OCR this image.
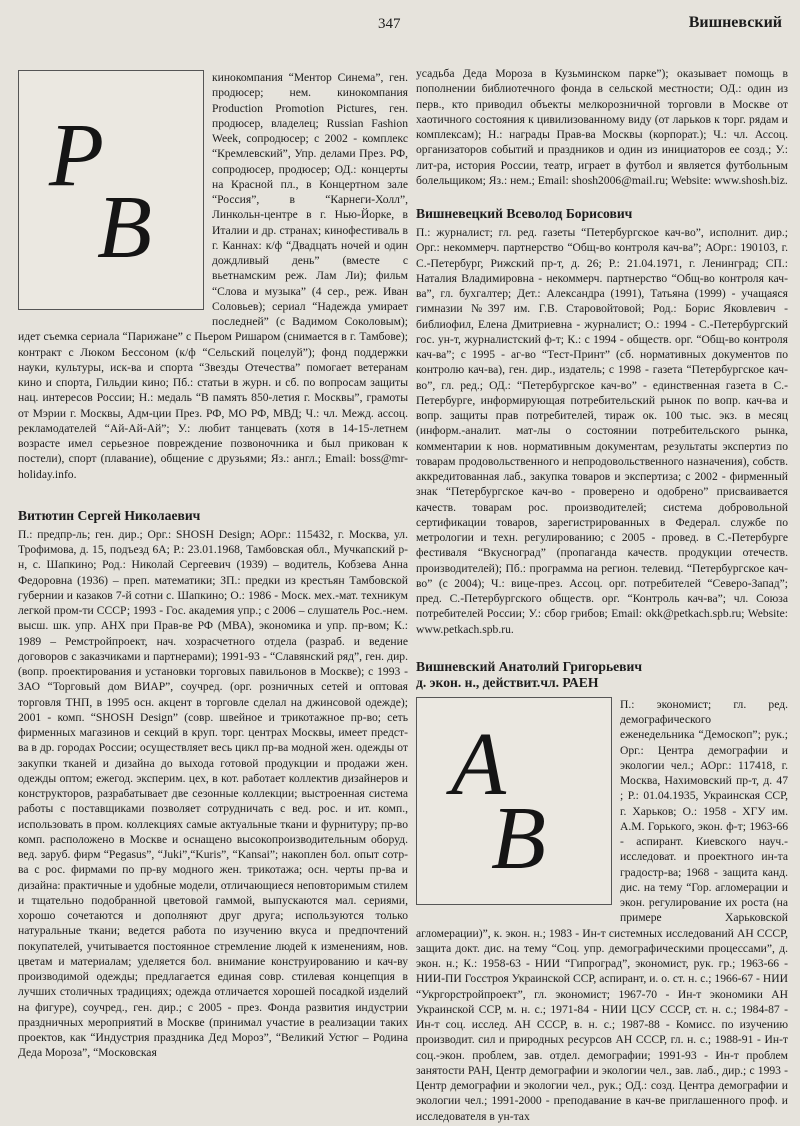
347	Вишневский
P
B

кинокомпания “Ментор Синема”, ген. продюсер; нем. кинокомпания Production Promotion Pictures, ген. продюсер, владелец; Russian Fashion Week, сопродюсер; с 2002 - комплекс “Кремлевский”, Упр. делами През. РФ, сопродюсер, продюсер; ОД.: концерты на Красной пл., в Концертном зале “Россия”, в “Карнеги-Холл”, Линкольн-центре в г. Нью-Йорке, в Италии и др. странах; кинофестиваль в г. Каннах: к/ф “Двадцать ночей и один дождливый день” (вместе с вьетнамским реж. Лам Ли); фильм “Слова и музыка” (4 сер., реж. Иван Соловьев); сериал “Надежда умирает последней” (с Вадимом Соколовым); идет съемка сериала “Парижане” с Пьером Ришаром (снимается в г. Тамбове); контракт с Люком Бессоном (к/ф “Сельский поцелуй”); фонд поддержки науки, культуры, иск-ва и спорта “Звезды Отечества” помогает ветеранам кино и спорта, Гильдии кино; Пб.: статьи в журн. и сб. по вопросам защиты нац. интересов России; Н.: медаль “В память 850-летия г. Москвы”, грамоты от Мэрии г. Москвы, Адм-ции През. РФ, МО РФ, МВД; Ч.: чл. Межд. ассоц. рекламодателей “Ай-Ай-Ай”; У.: любит танцевать (хотя в 14-15-летнем возрасте имел серьезное повреждение позвоночника и был прикован к постели), спорт (плавание), общение с друзьями; Яз.: англ.; Email: boss@mr-holiday.info.

Витютин Сергей Николаевич

П.: предпр-ль; ген. дир.; Орг.: SHOSH Design; АОрг.: 115432, г. Москва, ул. Трофимова, д. 15, подъезд 6А; Р.: 23.01.1968, Тамбовская обл., Мучкапский р-н, с. Шапкино; Род.: Николай Сергеевич (1939) – водитель, Кобзева Анна Федоровна (1936) – преп. математики; ЗП.: предки из крестьян Тамбовской губернии и казаков 7-й сотни с. Шапкино; О.: 1986 - Моск. мех.-мат. техникум легкой пром-ти СССР; 1993 - Гос. академия упр.; с 2006 – слушатель Рос.-нем. высш. шк. упр. АНХ при Прав-ве РФ (МВА), экономика и упр. пр-вом; К.: 1989 – Ремстройпроект, нач. хозрасчетного отдела (разраб. и ведение договоров с заказчиками и партнерами); 1991-93 - “Славянский ряд”, ген. дир. (вопр. проектирования и установки торговых павильонов в Москве); с 1993 - ЗАО “Торговый дом ВИАР”, соучред. (орг. розничных сетей и оптовая торговля ТНП, в 1995 осн. акцент в торговле сделал на джинсовой одежде); 2001 - комп. “SHOSH Design” (совр. швейное и трикотажное пр-во; сеть фирменных магазинов и секций в круп. торг. центрах Москвы, имеет предст-ва в др. городах России; осуществляет весь цикл пр-ва модной жен. одежды от закупки тканей и дизайна до выхода готовой продукции и продажи жен. одежды оптом; ежегод. эксперим. цех, в кот. работает коллектив дизайнеров и конструкторов, разрабатывает две сезонные коллекции; выстроенная система работы с поставщиками позволяет сотрудничать с вед. рос. и ит. комп., использовать в пром. коллекциях самые актуальные ткани и фурнитуру; пр-во комп. расположено в Москве и оснащено высокопроизводительным оборуд. вед. заруб. фирм “Pegasus”, “Juki”,“Kuris”, “Kansai”; накоплен бол. опыт сотр-ва с рос. фирмами по пр-ву модного жен. трикотажа; осн. черты пр-ва и дизайна: практичные и удобные модели, отличающиеся неповторимым стилем и тщательно подобранной цветовой гаммой, выпускаются мал. сериями, хорошо сочетаются и дополняют друг друга; используются только натуральные ткани; ведется работа по изучению вкуса и предпочтений покупателей, учитывается постоянное стремление людей к изменениям, нов. цветам и материалам; уделяется бол. внимание конструированию и кач-ву производимой одежды; предлагается единая совр. стилевая концепция в лучших столичных традициях; одежда отличается хорошей посадкой изделий на фигуре), соучред., ген. дир.; с 2005 - през. Фонда развития индустрии праздничных мероприятий в Москве (принимал участие в реализации таких проектов, как “Индустрия праздника Дед Мороз”, “Великий Устюг – Родина Деда Мороза”, “Московская

усадьба Деда Мороза в Кузьминском парке”); оказывает помощь в пополнении библиотечного фонда в сельской местности; ОД.: один из перв., кто приводил объекты мелкорозничной торговли в Москве от хаотичного состояния к цивилизованному виду (от ларьков к торг. рядам и комплексам); Н.: награды Прав-ва Москвы (корпорат.); Ч.: чл. Ассоц. организаторов событий и праздников и один из инициаторов ее созд.; У.: лит-ра, история России, театр, играет в футбол и является футбольным болельщиком; Яз.: нем.; Email: shosh2006@mail.ru; Website: www.shosh.biz.

Вишневецкий Всеволод Борисович

П.: журналист; гл. ред. газеты “Петербургское кач-во”, исполнит. дир.; Орг.: некоммерч. партнерство “Общ-во контроля кач-ва”; АОрг.: 190103, г. С.-Петербург, Рижский пр-т, д. 26; Р.: 21.04.1971, г. Ленинград; СП.: Наталия Владимировна - некоммерч. партнерство “Общ-во контроля кач-ва”, гл. бухгалтер; Дет.: Александра (1991), Татьяна (1999) - учащаяся гимназии №397 им. Г.В. Старовойтовой; Род.: Борис Яковлевич - библиофил, Елена Дмитриевна - журналист; О.: 1994 - С.-Петербургский гос. ун-т, журналистский ф-т; К.: с 1994 - обществ. орг. “Общ-во контроля кач-ва”; с 1995 - аг-во “Тест-Принт” (сб. нормативных документов по контролю кач-ва), ген. дир., издатель; с 1998 - газета “Петербургское кач-во”, гл. ред.; ОД.: “Петербургское кач-во” - единственная газета в С.-Петербурге, информирующая потребительский рынок по вопр. кач-ва и вопр. защиты прав потребителей, тираж ок. 100 тыс. экз. в месяц (информ.-аналит. мат-лы о состоянии потребительского рынка, комментарии к нов. нормативным документам, результаты экспертиз по товарам продовольственного и непродовольственного назначения), собств. аккредитованная лаб., закупка товаров и экспертиза; с 2002 - фирменный знак “Петербургское кач-во - проверено и одобрено” присваивается качеств. товарам рос. производителей; система добровольной сертификации товаров, зарегистрированных в Федерал. службе по метрологии и техн. регулированию; с 2005 - провед. в С.-Петербурге фестиваля “Вкусноград” (пропаганда качеств. продукции отечеств. производителей); Пб.: программа на регион. телевид. “Петербургское кач-во” (с 2004); Ч.: вице-през. Ассоц. орг. потребителей “Северо-Запад”; пред. С.-Петербургского обществ. орг. “Контроль кач-ва”; чл. Союза потребителей России; У.: сбор грибов; Email: okk@petkach.spb.ru; Website: www.petkach.spb.ru.

Вишневский Анатолий Григорьевич
д. экон. н., действит.чл. РАЕН
A
B

П.: экономист; гл. ред. демографического еженедельника “Демоскоп”; рук.; Орг.: Центра демографии и экологии чел.; АОрг.: 117418, г. Москва, Нахимовский пр-т, д. 47 ; Р.: 01.04.1935, Украинская ССР, г. Харьков; О.: 1958 - ХГУ им. А.М. Горького, экон. ф-т; 1963-66 - аспирант. Киевского науч.-исследоват. и проектного ин-та градостр-ва; 1968 - защита канд. дис. на тему “Гор. агломерации и экон. регулирование их роста (на примере Харьковской агломерации)”, к. экон. н.; 1983 - Ин-т системных исследований АН СССР, защита докт. дис. на тему “Соц. упр. демографическими процессами”, д. экон. н.; К.: 1958-63 - НИИ “Гипроград”, экономист, рук. гр.; 1963-66 - НИИ-ПИ Госстроя Украинской ССР, аспирант, и. о. ст. н. с.; 1966-67 - НИИ “Укргорстройпроект”, гл. экономист; 1967-70 - Ин-т экономики АН Украинской ССР, м. н. с.; 1971-84 - НИИ ЦСУ СССР, ст. н. с.; 1984-87 - Ин-т соц. исслед. АН СССР, в. н. с.; 1987-88 - Комисс. по изучению производит. сил и природных ресурсов АН СССР, гл. н. с.; 1988-91 - Ин-т соц.-экон. проблем, зав. отдел. демографии; 1991-93 - Ин-т проблем занятости РАН, Центр демографии и экологии чел., зав. лаб., дир.; с 1993 - Центр демографии и экологии чел., рук.; ОД.: созд. Центра демографии и экологии чел.; 1991-2000 - преподавание в кач-ве приглашенного проф. и исследователя в ун-тах
